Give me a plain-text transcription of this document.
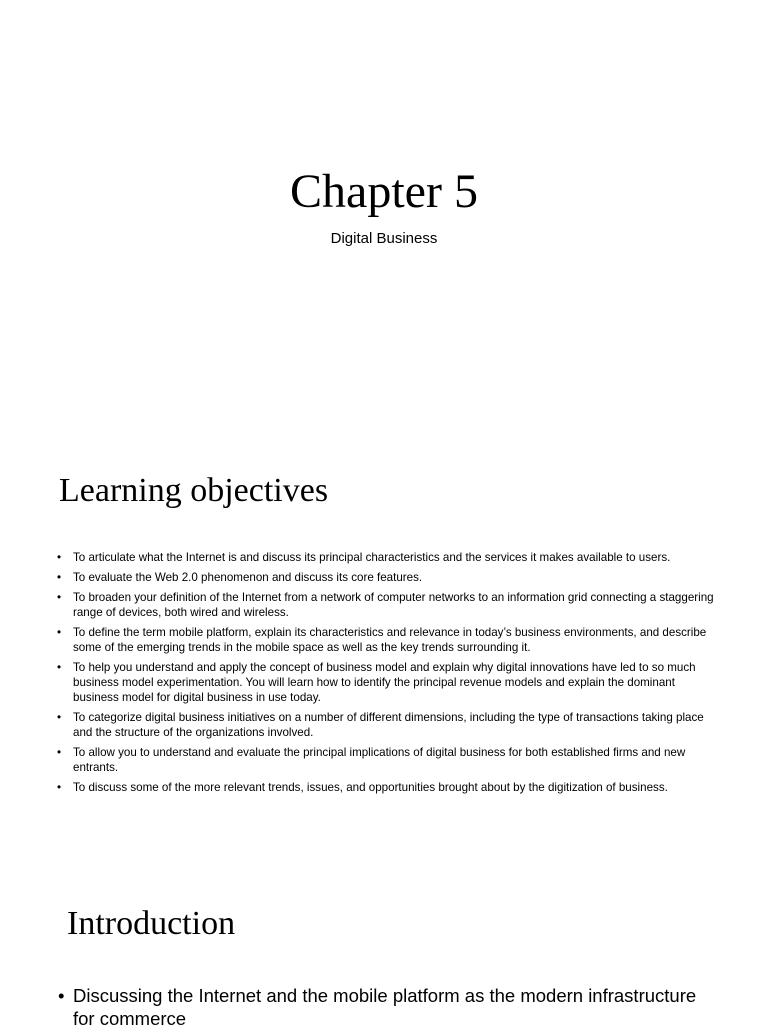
Chapter 5

Digital Business

Learning objectives
• To articulate what the Internet is and discuss its principal characteristics and the services it makes available to users.
• To evaluate the Web 2.0 phenomenon and discuss its core features.
• To broaden your definition of the Internet from a network of computer networks to an information grid connecting a staggering range of devices, both wired and wireless.
• To define the term mobile platform, explain its characteristics and relevance in today’s business environments, and describe some of the emerging trends in the mobile space as well as the key trends surrounding it.
• To help you understand and apply the concept of business model and explain why digital innovations have led to so much business model experimentation. You will learn how to identify the principal revenue models and explain the dominant business model for digital business in use today.
• To categorize digital business initiatives on a number of different dimensions, including the type of transactions taking place and the structure of the organizations involved.
• To allow you to understand and evaluate the principal implications of digital business for both established firms and new entrants.
• To discuss some of the more relevant trends, issues, and opportunities brought about by the digitization of business.
Introduction
• Discussing the Internet and the mobile platform as the modern infrastructure for commerce
